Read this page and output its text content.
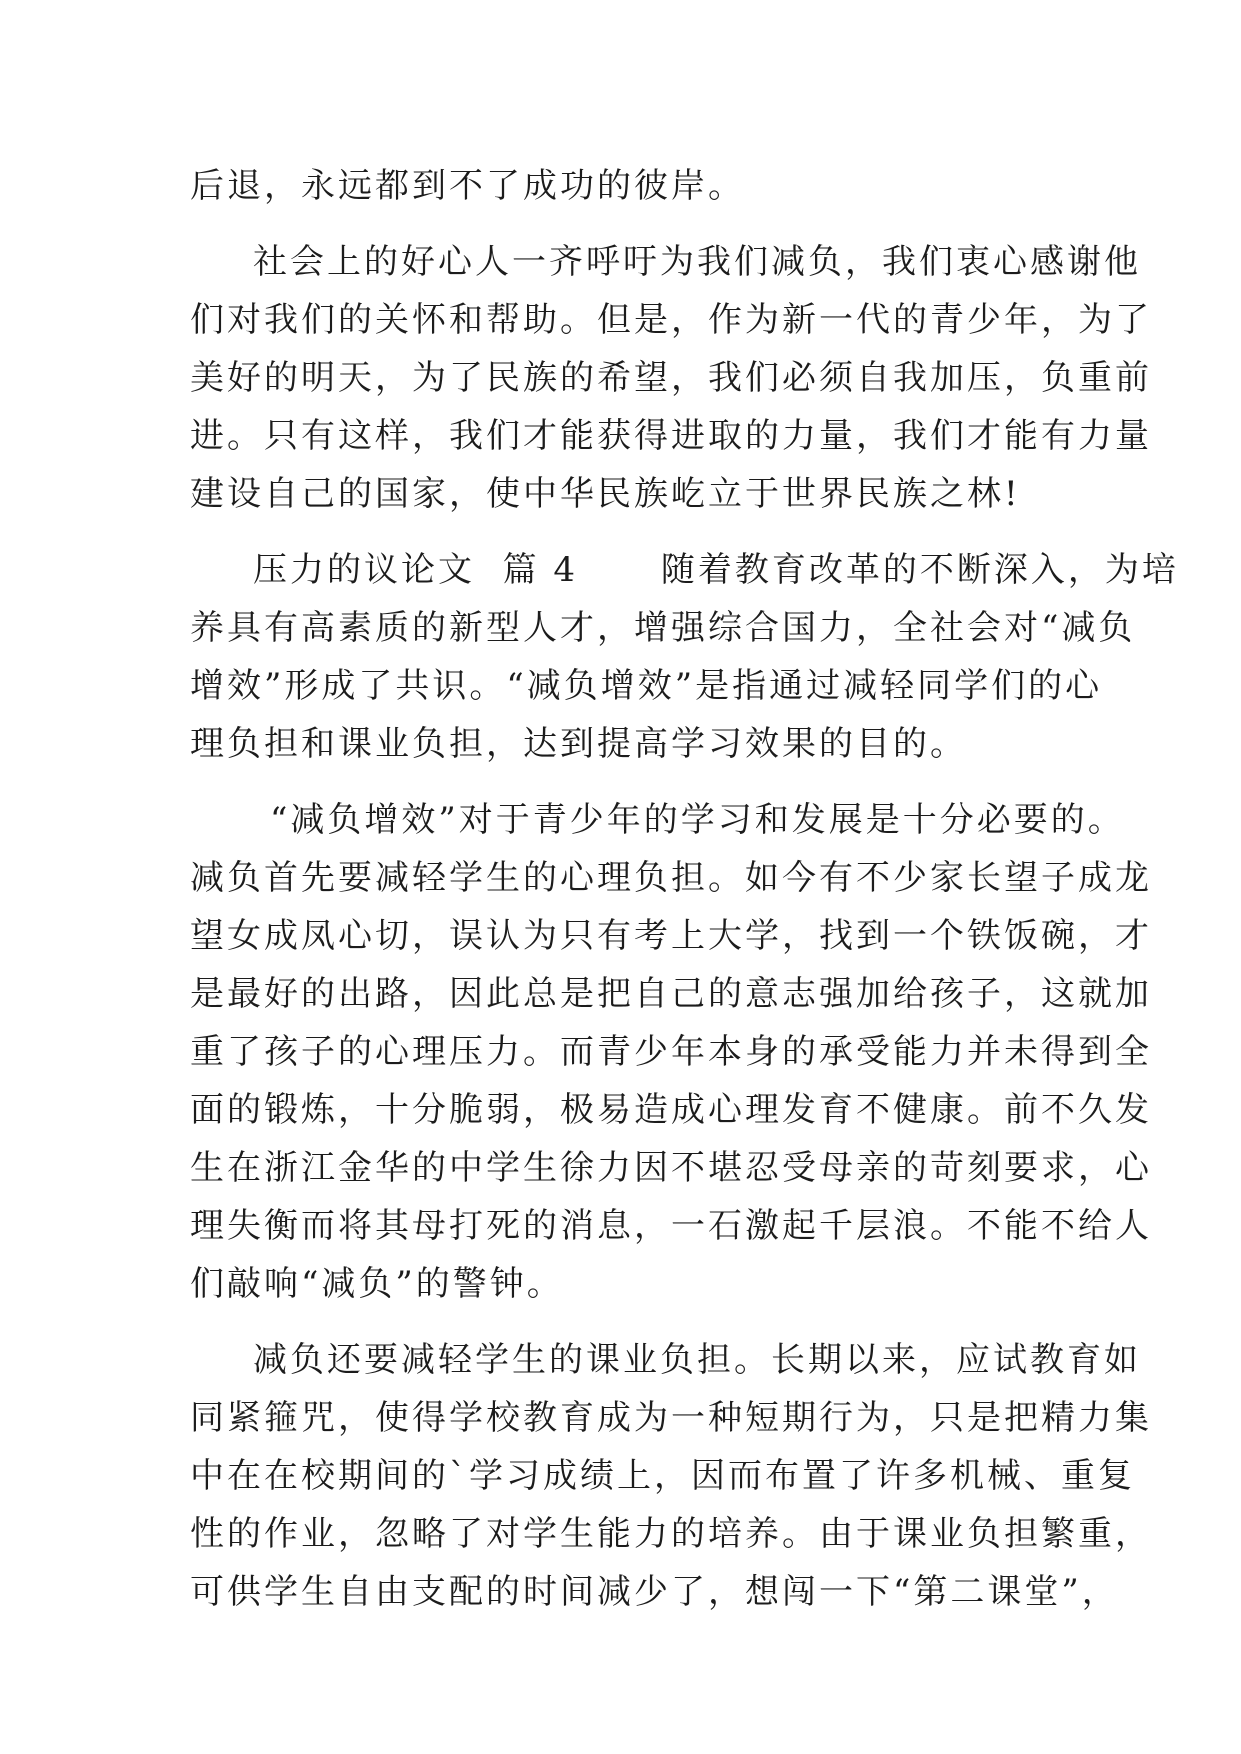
后退，永远都到不了成功的彼岸。
社会上的好心人一齐呼吁为我们减负，我们衷心感谢他
们对我们的关怀和帮助。但是，作为新一代的青少年，为了
美好的明天，为了民族的希望，我们必须自我加压，负重前
进。只有这样，我们才能获得进取的力量，我们才能有力量
建设自己的国家，使中华民族屹立于世界民族之林!
压力的议论文  篇 4      随着教育改革的不断深入，为培
养具有高素质的新型人才，增强综合国力，全社会对“减负
增效”形成了共识。“减负增效”是指通过减轻同学们的心
理负担和课业负担，达到提高学习效果的目的。
“减负增效”对于青少年的学习和发展是十分必要的。
减负首先要减轻学生的心理负担。如今有不少家长望子成龙
望女成凤心切，误认为只有考上大学，找到一个铁饭碗，才
是最好的出路，因此总是把自己的意志强加给孩子，这就加
重了孩子的心理压力。而青少年本身的承受能力并未得到全
面的锻炼，十分脆弱，极易造成心理发育不健康。前不久发
生在浙江金华的中学生徐力因不堪忍受母亲的苛刻要求，心
理失衡而将其母打死的消息，一石激起千层浪。不能不给人
们敲响“减负”的警钟。
减负还要减轻学生的课业负担。长期以来，应试教育如
同紧箍咒，使得学校教育成为一种短期行为，只是把精力集
中在在校期间的`学习成绩上，因而布置了许多机械、重复
性的作业，忽略了对学生能力的培养。由于课业负担繁重，
可供学生自由支配的时间减少了，想闯一下“第二课堂”，
